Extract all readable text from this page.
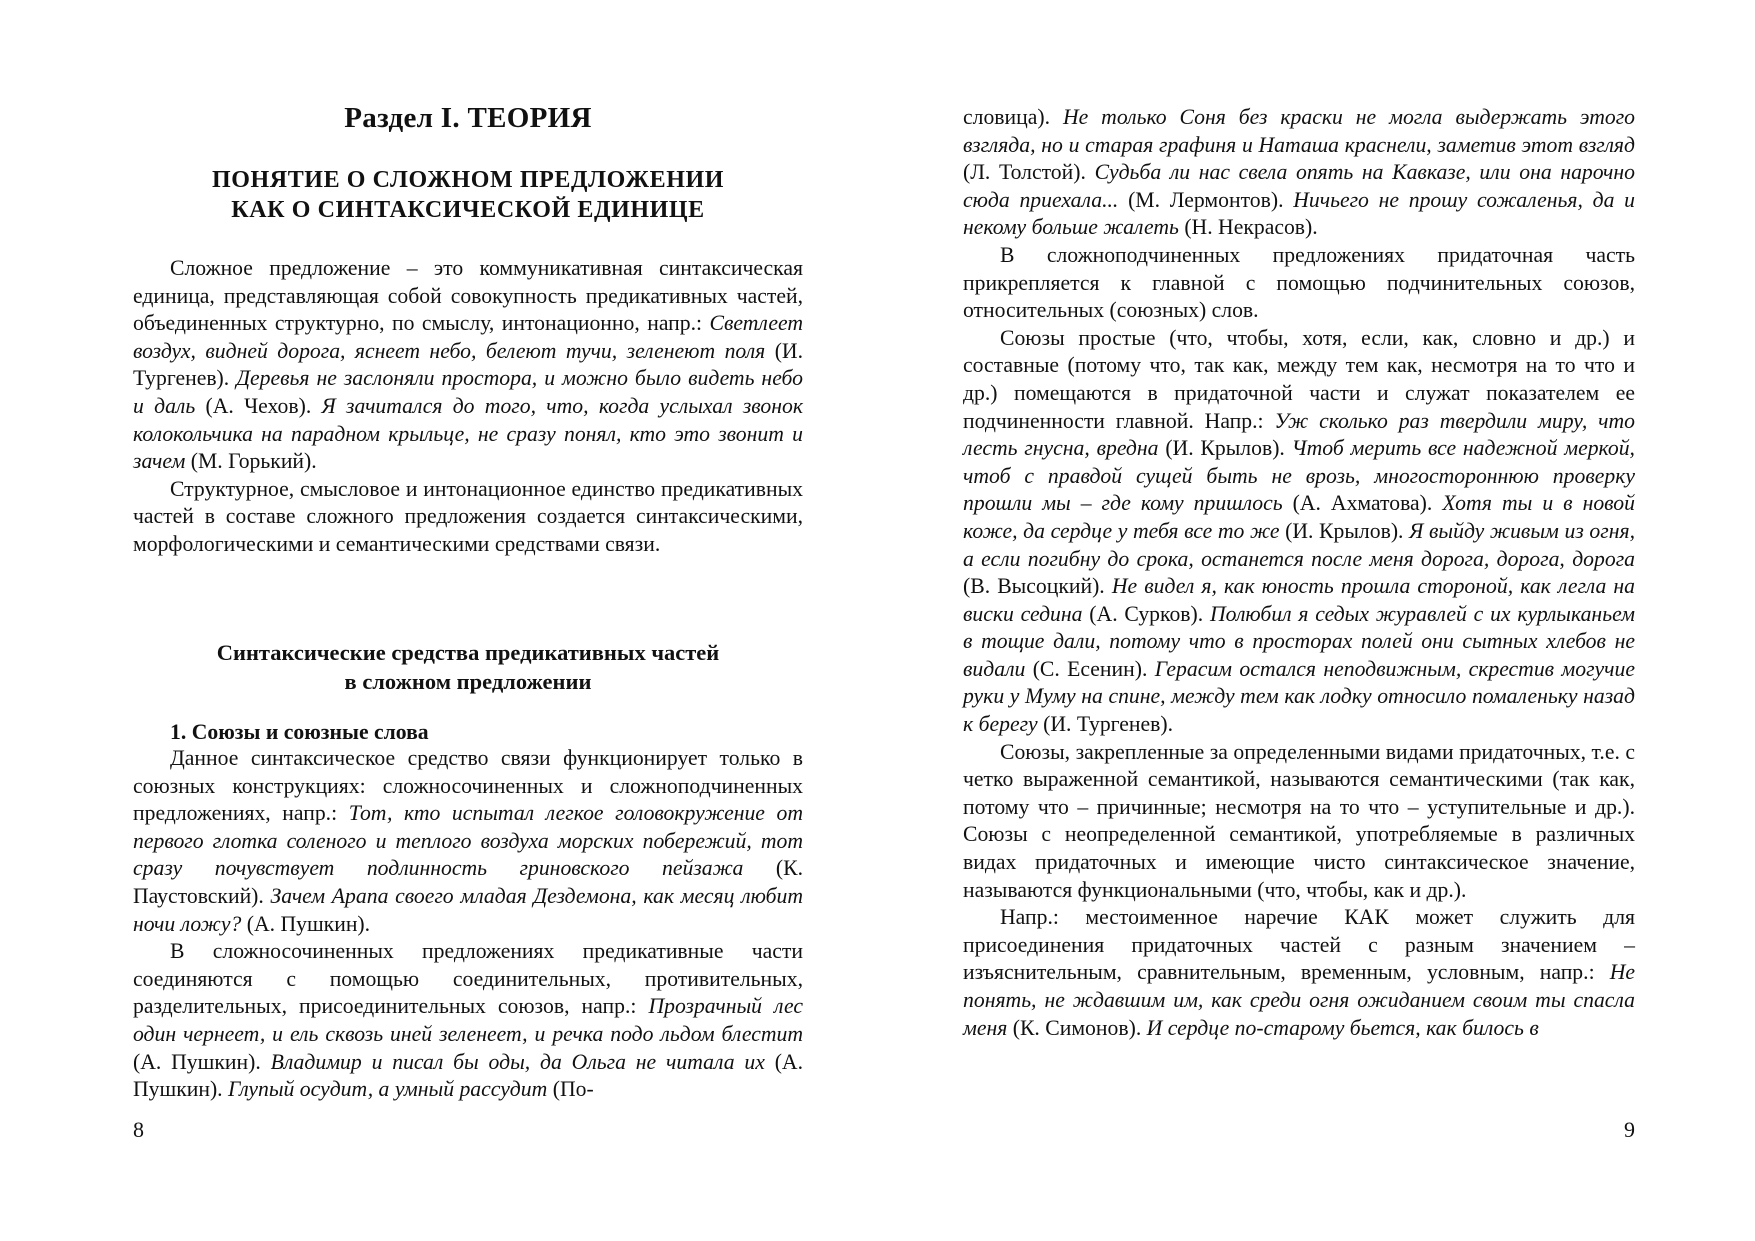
Раздел I. ТЕОРИЯ
ПОНЯТИЕ О СЛОЖНОМ ПРЕДЛОЖЕНИИ
КАК О СИНТАКСИЧЕСКОЙ ЕДИНИЦЕ

Сложное предложение – это коммуникативная синтаксическая единица, представляющая собой совокупность предикативных частей, объединенных структурно, по смыслу, интонационно, напр.: Светлеет воздух, видней дорога, яснеет небо, белеют тучи, зеленеют поля (И. Тургенев). Деревья не заслоняли простора, и можно было видеть небо и даль (А. Чехов). Я зачитался до того, что, когда услыхал звонок колокольчика на парадном крыльце, не сразу понял, кто это звонит и зачем (М. Горький).

Структурное, смысловое и интонационное единство предикативных частей в составе сложного предложения создается синтаксическими, морфологическими и семантическими средствами связи.

Синтаксические средства предикативных частей
в сложном предложении
1. Союзы и союзные слова

Данное синтаксическое средство связи функционирует только в союзных конструкциях: сложносочиненных и сложноподчиненных предложениях, напр.: Тот, кто испытал легкое головокружение от первого глотка соленого и теплого воздуха морских побережий, тот сразу почувствует подлинность гриновского пейзажа (К. Паустовский). Зачем Арапа своего младая Дездемона, как месяц любит ночи ложу? (А. Пушкин).

В сложносочиненных предложениях предикативные части соединяются с помощью соединительных, противительных, разделительных, присоединительных союзов, напр.: Прозрачный лес один чернеет, и ель сквозь иней зеленеет, и речка подо льдом блестит (А. Пушкин). Владимир и писал бы оды, да Ольга не читала их (А. Пушкин). Глупый осудит, а умный рассудит (По-

8

словица). Не только Соня без краски не могла выдержать этого взгляда, но и старая графиня и Наташа краснели, заметив этот взгляд (Л. Толстой). Судьба ли нас свела опять на Кавказе, или она нарочно сюда приехала... (М. Лермонтов). Ничьего не прошу сожаленья, да и некому больше жалеть (Н. Некрасов).

В сложноподчиненных предложениях придаточная часть прикрепляется к главной с помощью подчинительных союзов, относительных (союзных) слов.

Союзы простые (что, чтобы, хотя, если, как, словно и др.) и составные (потому что, так как, между тем как, несмотря на то что и др.) помещаются в придаточной части и служат показателем ее подчиненности главной. Напр.: Уж сколько раз твердили миру, что лесть гнусна, вредна (И. Крылов). Чтоб мерить все надежной меркой, чтоб с правдой сущей быть не врозь, многостороннюю проверку прошли мы – где кому пришлось (А. Ахматова). Хотя ты и в новой коже, да сердце у тебя все то же (И. Крылов). Я выйду живым из огня, а если погибну до срока, останется после меня дорога, дорога, дорога (В. Высоцкий). Не видел я, как юность прошла стороной, как легла на виски седина (А. Сурков). Полюбил я седых журавлей с их курлыканьем в тощие дали, потому что в просторах полей они сытных хлебов не видали (С. Есенин). Герасим остался неподвижным, скрестив могучие руки у Муму на спине, между тем как лодку относило помаленьку назад к берегу (И. Тургенев).

Союзы, закрепленные за определенными видами придаточных, т.е. с четко выраженной семантикой, называются семантическими (так как, потому что – причинные; несмотря на то что – уступительные и др.). Союзы с неопределенной семантикой, употребляемые в различных видах придаточных и имеющие чисто синтаксическое значение, называются функциональными (что, чтобы, как и др.).

Напр.: местоименное наречие КАК может служить для присоединения придаточных частей с разным значением – изъяснительным, сравнительным, временным, условным, напр.: Не понять, не ждавшим им, как среди огня ожиданием своим ты спасла меня (К. Симонов). И сердце по-старому бьется, как билось в

9
